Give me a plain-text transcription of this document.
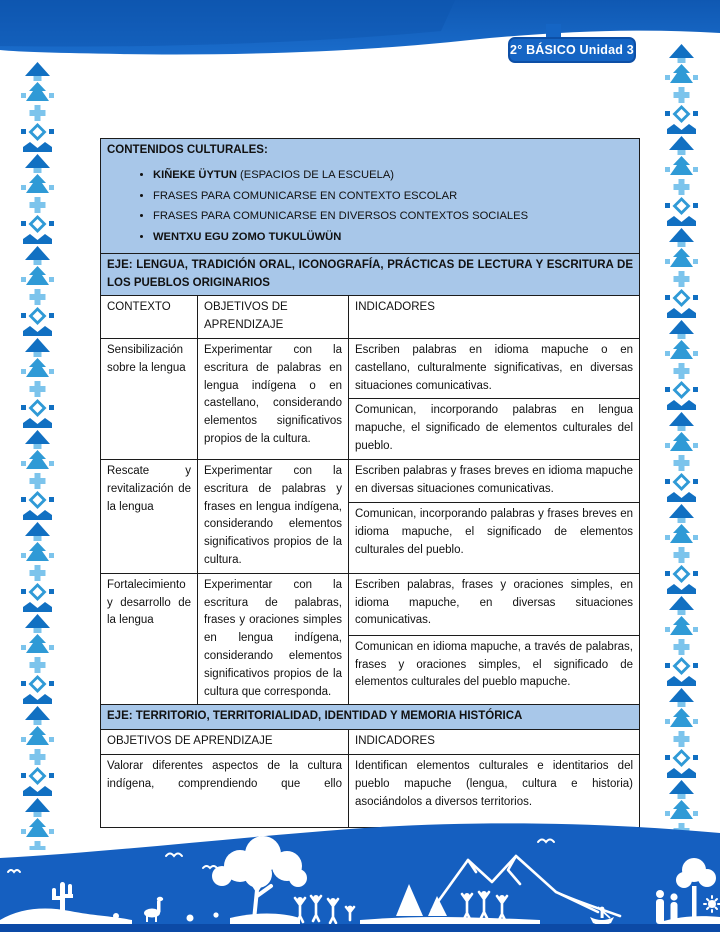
2° BÁSICO Unidad 3
CONTENIDOS CULTURALES:
• KIÑEKE ÜYTUN (ESPACIOS DE LA ESCUELA)
• FRASES PARA COMUNICARSE EN CONTEXTO ESCOLAR
• FRASES PARA COMUNICARSE EN DIVERSOS CONTEXTOS SOCIALES
• WENTXU EGU ZOMO TUKULÜWÜN

EJE: LENGUA, TRADICIÓN ORAL, ICONOGRAFÍA, PRÁCTICAS DE LECTURA Y ESCRITURA DE LOS PUEBLOS ORIGINARIOS		
CONTEXTO	OBJETIVOS DE APRENDIZAJE	INDICADORES
Sensibilización sobre la lengua	Experimentar con la escritura de palabras en lengua indígena o en castellano, considerando elementos significativos propios de la cultura.	Escriben palabras en idioma mapuche o en castellano, culturalmente significativas, en diversas situaciones comunicativas.
		Comunican, incorporando palabras en lengua mapuche, el significado de elementos culturales del pueblo.
Rescate y revitalización de la lengua	Experimentar con la escritura de palabras y frases en lengua indígena, considerando elementos significativos propios de la cultura.	Escriben palabras y frases breves en idioma mapuche en diversas situaciones comunicativas.
		Comunican, incorporando palabras y frases breves en idioma mapuche, el significado de elementos culturales del pueblo.
Fortalecimiento y desarrollo de la lengua	Experimentar con la escritura de palabras, frases y oraciones simples en lengua indígena, considerando elementos significativos propios de la cultura que corresponda.	Escriben palabras, frases y oraciones simples, en idioma mapuche, en diversas situaciones comunicativas.
		Comunican en idioma mapuche, a través de palabras, frases y oraciones simples, el significado de elementos culturales del pueblo mapuche.
EJE: TERRITORIO, TERRITORIALIDAD, IDENTIDAD Y MEMORIA HISTÓRICA		
OBJETIVOS DE APRENDIZAJE		INDICADORES
Valorar diferentes aspectos de la cultura indígena, comprendiendo que ello		Identifican elementos culturales e identitarios del pueblo mapuche (lengua, cultura e historia) asociándolos a diversos territorios.
